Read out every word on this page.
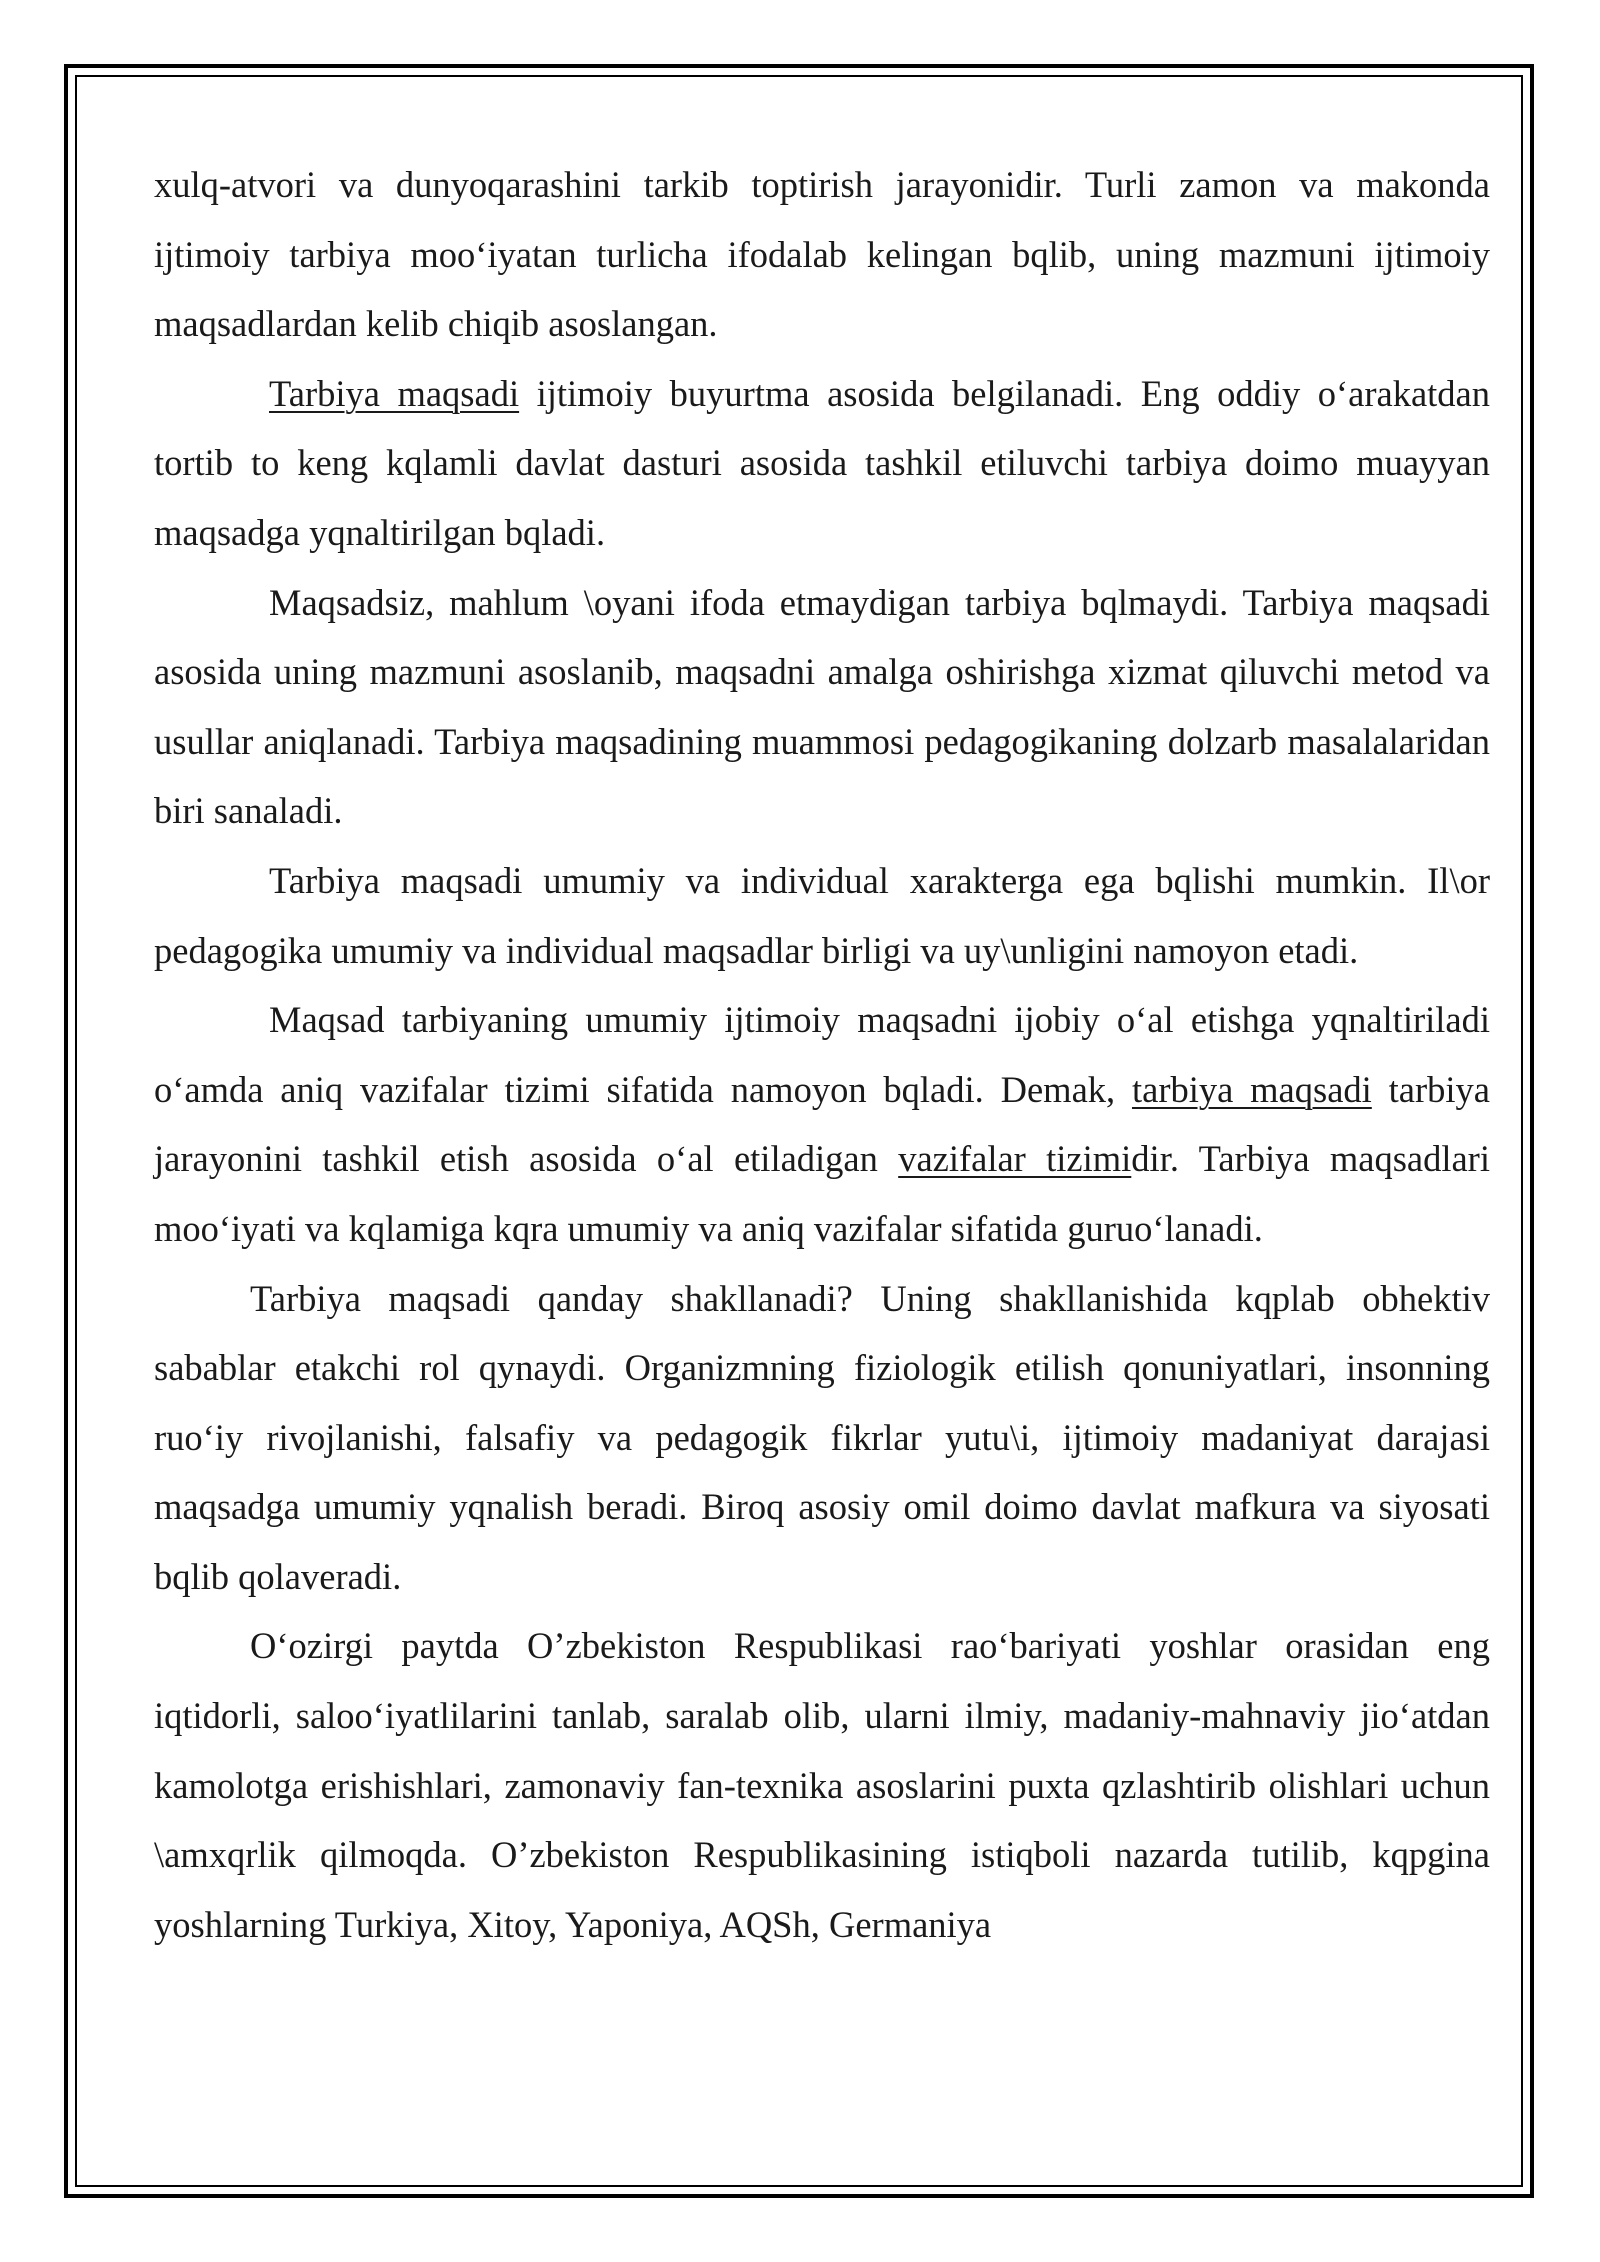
xulq-atvori va dunyoqarashini tarkib toptirish jarayonidir. Turli zamon va makonda ijtimoiy tarbiya moo‘iyatan turlicha ifodalab kelingan bqlib, uning mazmuni ijtimoiy maqsadlardan kelib chiqib asoslangan.

Tarbiya maqsadi ijtimoiy buyurtma asosida belgilanadi. Eng oddiy o‘arakatdan tortib to keng kqlamli davlat dasturi asosida tashkil etiluvchi tarbiya doimo muayyan maqsadga yqnaltirilgan bqladi.

Maqsadsiz, mahlum \oyani ifoda etmaydigan tarbiya bqlmaydi. Tarbiya maqsadi asosida uning mazmuni asoslanib, maqsadni amalga oshirishga xizmat qiluvchi metod va usullar aniqlanadi. Tarbiya maqsadining muammosi pedagogikaning dolzarb masalalaridan biri sanaladi.

Tarbiya maqsadi umumiy va individual xarakterga ega bqlishi mumkin. Il\or pedagogika umumiy va individual maqsadlar birligi va uy\unligini namoyon etadi.

Maqsad tarbiyaning umumiy ijtimoiy maqsadni ijobiy o‘al etishga yqnaltiriladi o‘amda aniq vazifalar tizimi sifatida namoyon bqladi. Demak, tarbiya maqsadi tarbiya jarayonini tashkil etish asosida o‘al etiladigan vazifalar tizimidir. Tarbiya maqsadlari moo‘iyati va kqlamiga kqra umumiy va aniq vazifalar sifatida guruo‘lanadi.

Tarbiya maqsadi qanday shakllanadi? Uning shakllanishida kqplab obhektiv sabablar etakchi rol qynaydi. Organizmning fiziologik etilish qonuniyatlari, insonning ruo‘iy rivojlanishi, falsafiy va pedagogik fikrlar yutu\i, ijtimoiy madaniyat darajasi maqsadga umumiy yqnalish beradi. Biroq asosiy omil doimo davlat mafkura va siyosati bqlib qolaveradi.

O‘ozirgi paytda O’zbekiston Respublikasi rao‘bariyati yoshlar orasidan eng iqtidorli, saloo‘iyatlilarini tanlab, saralab olib, ularni ilmiy, madaniy-mahnaviy jio‘atdan kamolotga erishishlari, zamonaviy fan-texnika asoslarini puxta qzlashtirib olishlari uchun \amxqrlik qilmoqda. O’zbekiston Respublikasining istiqboli nazarda tutilib, kqpgina yoshlarning Turkiya, Xitoy, Yaponiya, AQSh, Germaniya
